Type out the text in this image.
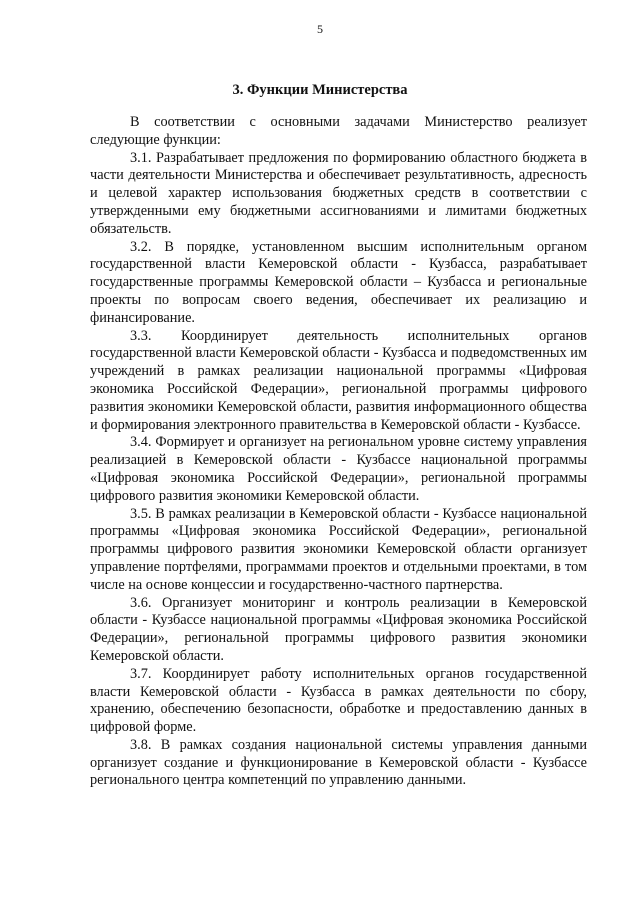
5
3. Функции Министерства

В соответствии с основными задачами Министерство реализует следующие функции:

3.1. Разрабатывает предложения по формированию областного бюджета в части деятельности Министерства и обеспечивает результативность, адресность и целевой характер использования бюджетных средств в соответствии с утвержденными ему бюджетными ассигнованиями и лимитами бюджетных обязательств.

3.2. В порядке, установленном высшим исполнительным органом государственной власти Кемеровской области - Кузбасса, разрабатывает государственные программы Кемеровской области – Кузбасса и региональные проекты по вопросам своего ведения, обеспечивает их реализацию и финансирование.

3.3. Координирует деятельность исполнительных органов государственной власти Кемеровской области - Кузбасса и подведомственных им учреждений в рамках реализации национальной программы «Цифровая экономика Российской Федерации», региональной программы цифрового развития экономики Кемеровской области, развития информационного общества и формирования электронного правительства в Кемеровской области - Кузбассе.

3.4. Формирует и организует на региональном уровне систему управления реализацией в Кемеровской области - Кузбассе национальной программы «Цифровая экономика Российской Федерации», региональной программы цифрового развития экономики Кемеровской области.

3.5. В рамках реализации в Кемеровской области - Кузбассе национальной программы «Цифровая экономика Российской Федерации», региональной программы цифрового развития экономики Кемеровской области организует управление портфелями, программами проектов и отдельными проектами, в том числе на основе концессии и государственно-частного партнерства.

3.6. Организует мониторинг и контроль реализации в Кемеровской области - Кузбассе национальной программы «Цифровая экономика Российской Федерации», региональной программы цифрового развития экономики Кемеровской области.

3.7. Координирует работу исполнительных органов государственной власти Кемеровской области - Кузбасса в рамках деятельности по сбору, хранению, обеспечению безопасности, обработке и предоставлению данных в цифровой форме.

3.8. В рамках создания национальной системы управления данными организует создание и функционирование в Кемеровской области - Кузбассе регионального центра компетенций по управлению данными.
